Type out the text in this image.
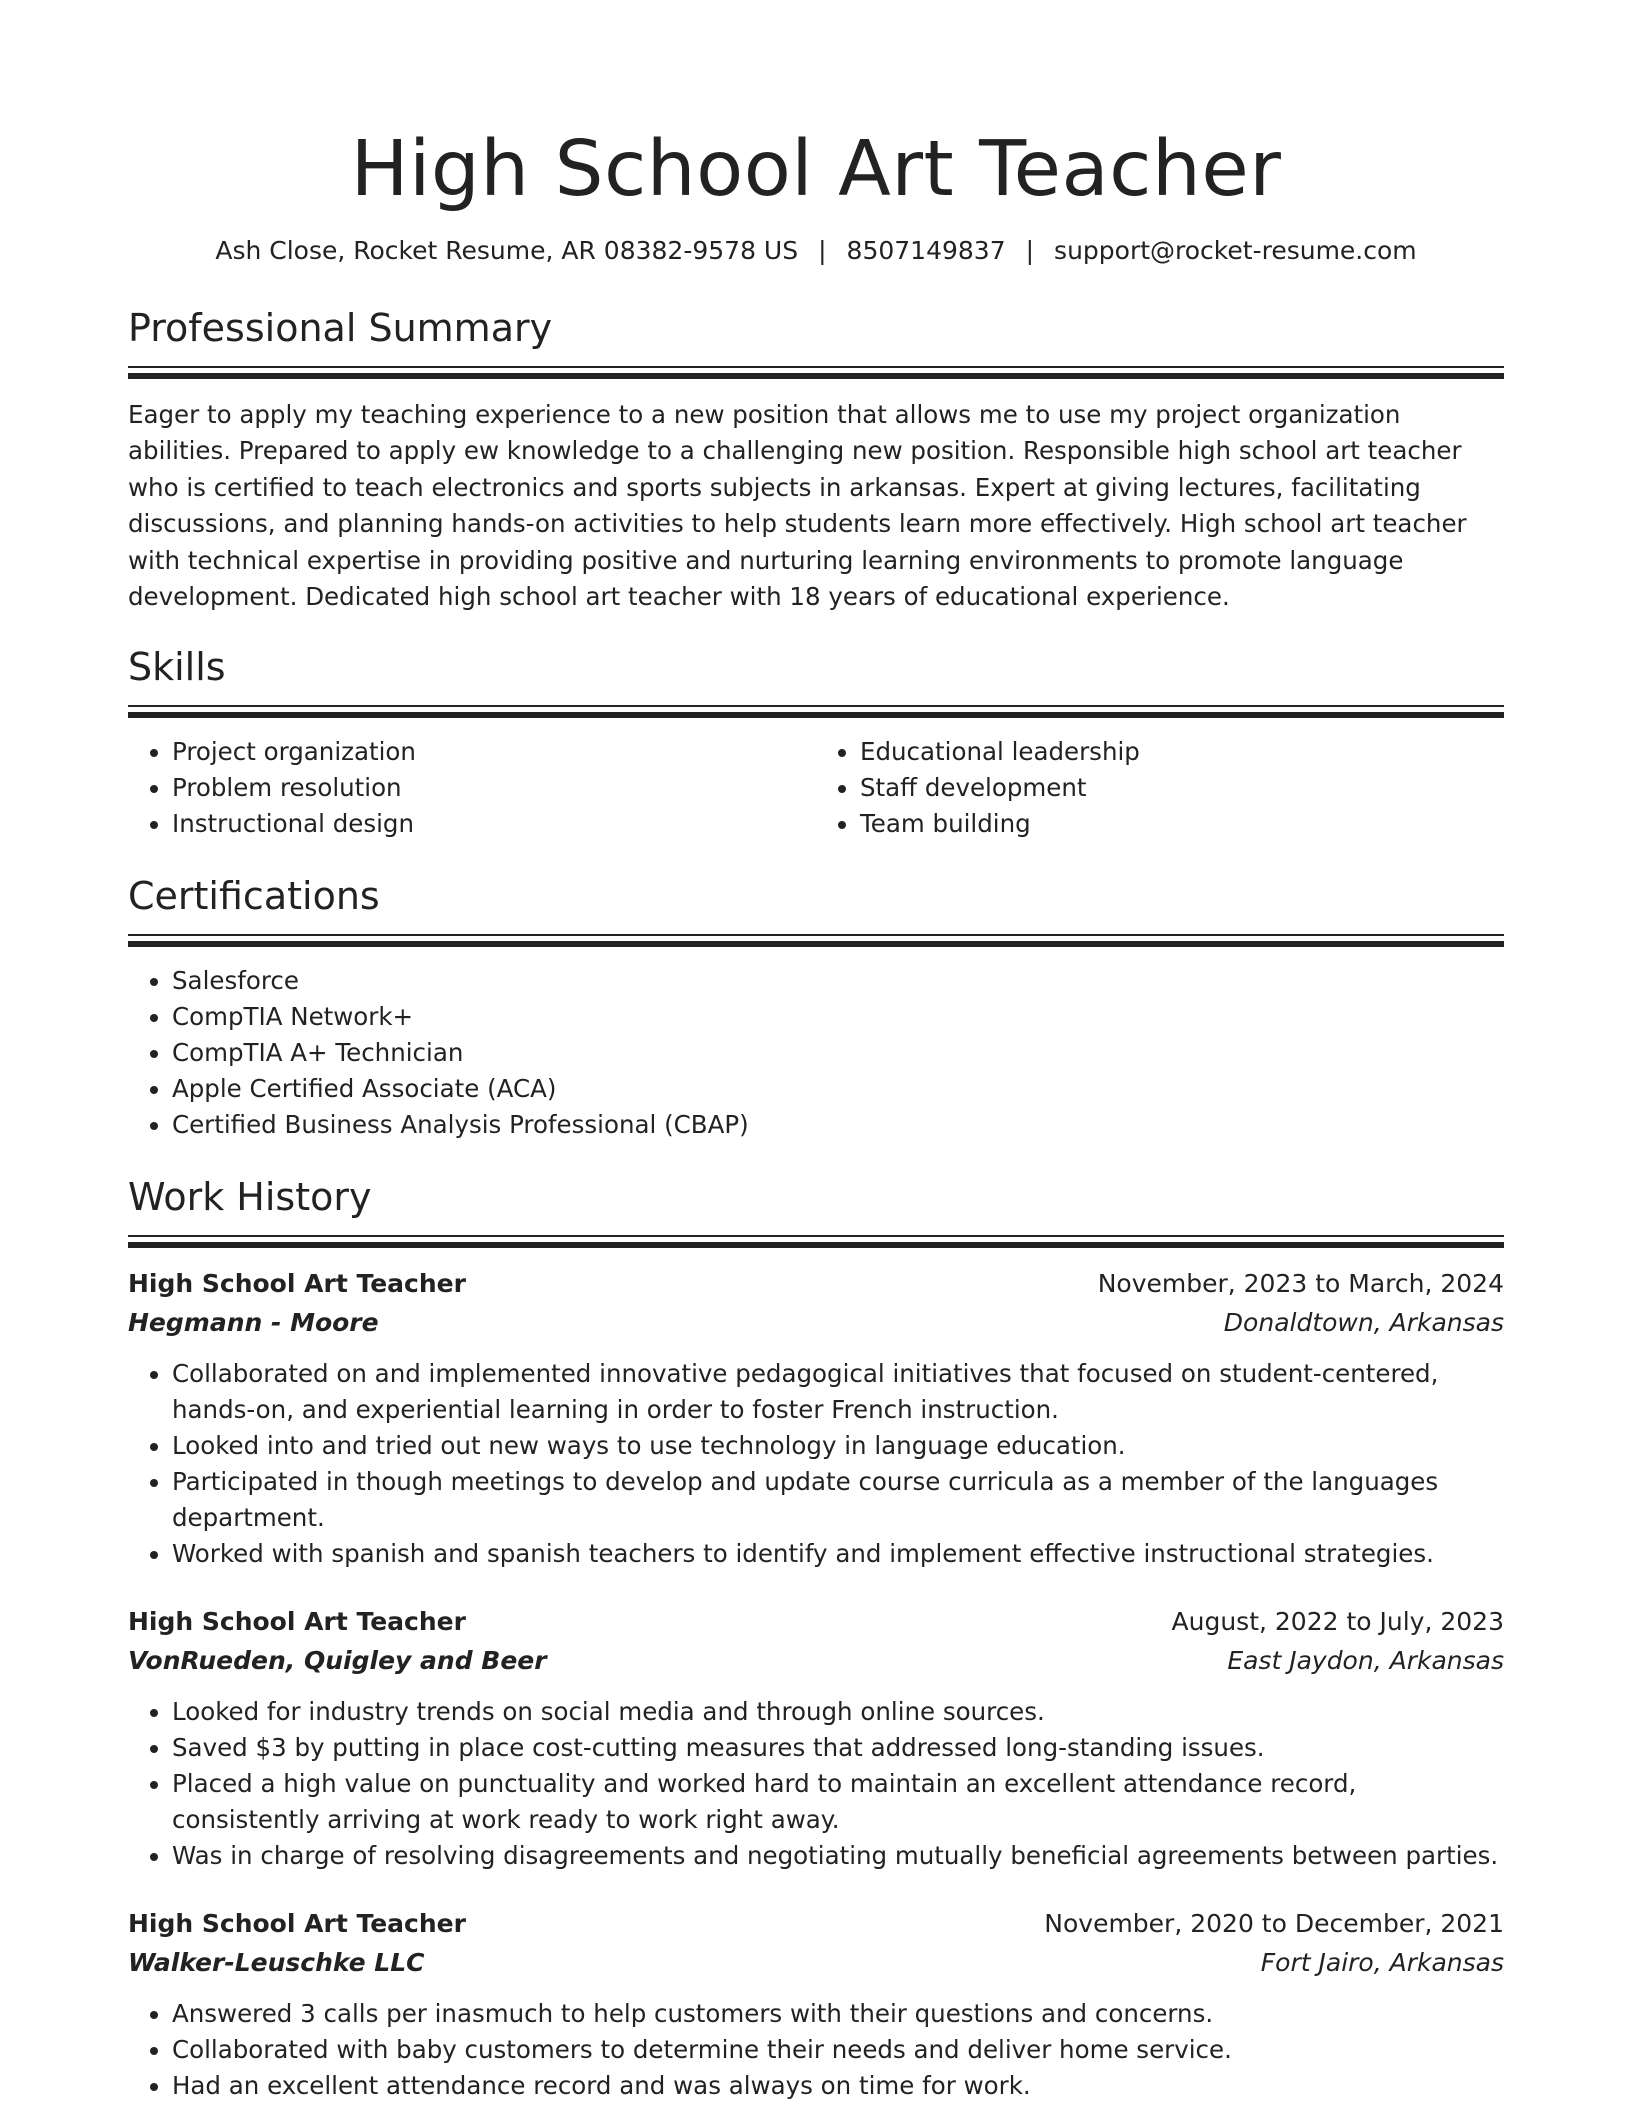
High School Art Teacher
Ash Close, Rocket Resume, AR 08382-9578 US | 8507149837 | support@rocket-resume.com
Professional Summary

Eager to apply my teaching experience to a new position that allows me to use my project organization abilities. Prepared to apply ew knowledge to a challenging new position. Responsible high school art teacher who is certified to teach electronics and sports subjects in arkansas. Expert at giving lectures, facilitating discussions, and planning hands-on activities to help students learn more effectively. High school art teacher with technical expertise in providing positive and nurturing learning environments to promote language development. Dedicated high school art teacher with 18 years of educational experience.

Skills
• Project organization
• Problem resolution
• Instructional design
• Educational leadership
• Staff development
• Team building
Certifications
• Salesforce
• CompTIA Network+
• CompTIA A+ Technician
• Apple Certified Associate (ACA)
• Certified Business Analysis Professional (CBAP)
Work History
High School Art Teacher	November, 2023 to March, 2024
Hegmann - Moore	Donaldtown, Arkansas
• Collaborated on and implemented innovative pedagogical initiatives that focused on student-centered, hands-on, and experiential learning in order to foster French instruction.
• Looked into and tried out new ways to use technology in language education.
• Participated in though meetings to develop and update course curricula as a member of the languages department.
• Worked with spanish and spanish teachers to identify and implement effective instructional strategies.
High School Art Teacher	August, 2022 to July, 2023
VonRueden, Quigley and Beer	East Jaydon, Arkansas
• Looked for industry trends on social media and through online sources.
• Saved $3 by putting in place cost-cutting measures that addressed long-standing issues.
• Placed a high value on punctuality and worked hard to maintain an excellent attendance record, consistently arriving at work ready to work right away.
• Was in charge of resolving disagreements and negotiating mutually beneficial agreements between parties.
High School Art Teacher	November, 2020 to December, 2021
Walker-Leuschke LLC	Fort Jairo, Arkansas
• Answered 3 calls per inasmuch to help customers with their questions and concerns.
• Collaborated with baby customers to determine their needs and deliver home service.
• Had an excellent attendance record and was always on time for work.
